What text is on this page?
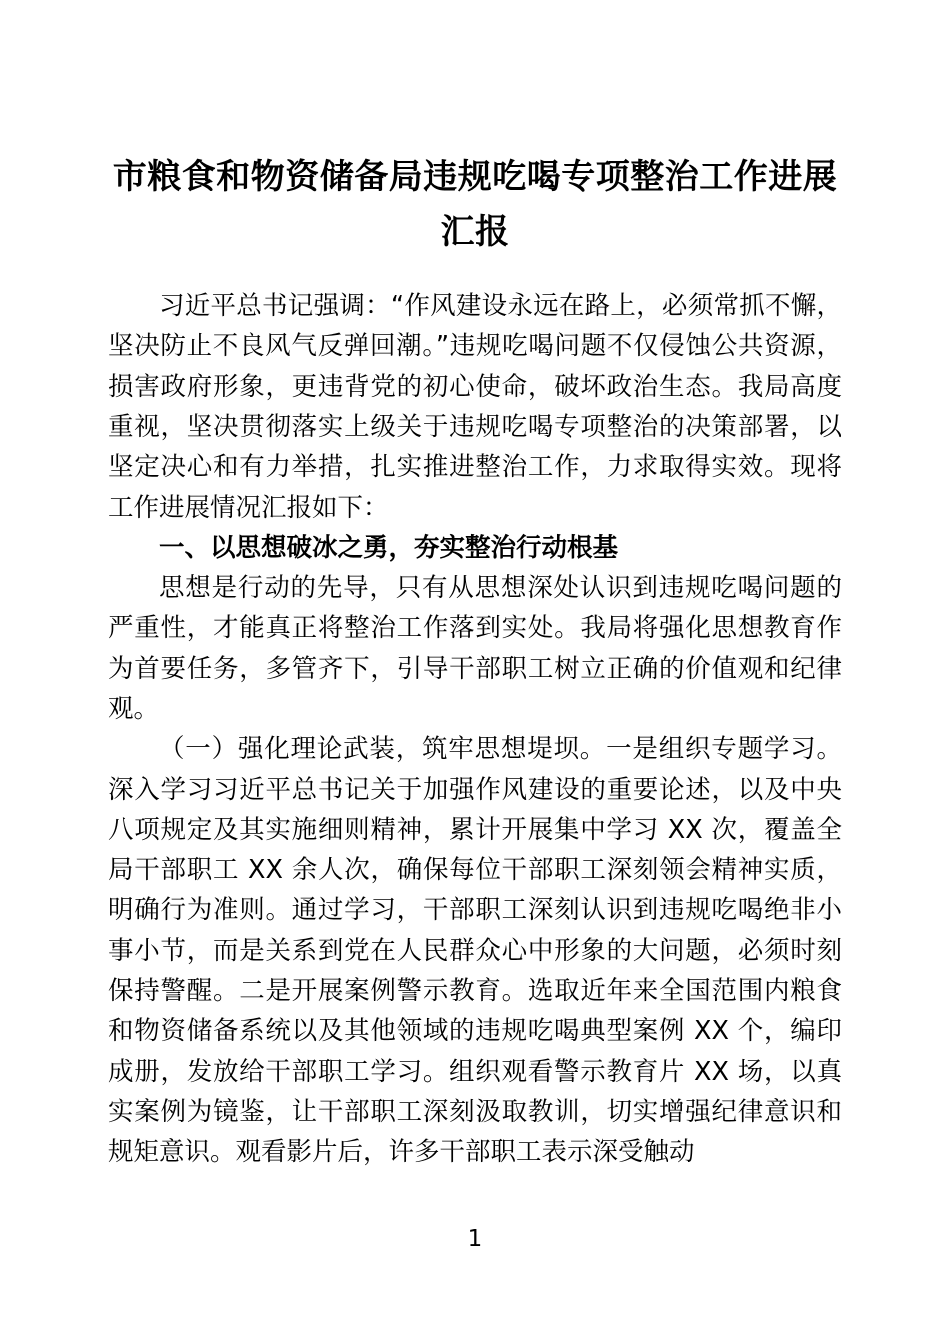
市粮食和物资储备局违规吃喝专项整治工作进展汇报

习近平总书记强调：“作风建设永远在路上，必须常抓不懈，坚决防止不良风气反弹回潮。”违规吃喝问题不仅侵蚀公共资源，损害政府形象，更违背党的初心使命，破坏政治生态。我局高度重视，坚决贯彻落实上级关于违规吃喝专项整治的决策部署，以坚定决心和有力举措，扎实推进整治工作，力求取得实效。现将工作进展情况汇报如下：

一、以思想破冰之勇，夯实整治行动根基

思想是行动的先导，只有从思想深处认识到违规吃喝问题的严重性，才能真正将整治工作落到实处。我局将强化思想教育作为首要任务，多管齐下，引导干部职工树立正确的价值观和纪律观。

（一）强化理论武装，筑牢思想堤坝。一是组织专题学习。深入学习习近平总书记关于加强作风建设的重要论述，以及中央八项规定及其实施细则精神，累计开展集中学习 XX 次，覆盖全局干部职工 XX 余人次，确保每位干部职工深刻领会精神实质，明确行为准则。通过学习，干部职工深刻认识到违规吃喝绝非小事小节，而是关系到党在人民群众心中形象的大问题，必须时刻保持警醒。二是开展案例警示教育。选取近年来全国范围内粮食和物资储备系统以及其他领域的违规吃喝典型案例 XX 个，编印成册，发放给干部职工学习。组织观看警示教育片 XX 场，以真实案例为镜鉴，让干部职工深刻汲取教训，切实增强纪律意识和规矩意识。观看影片后，许多干部职工表示深受触动

1
